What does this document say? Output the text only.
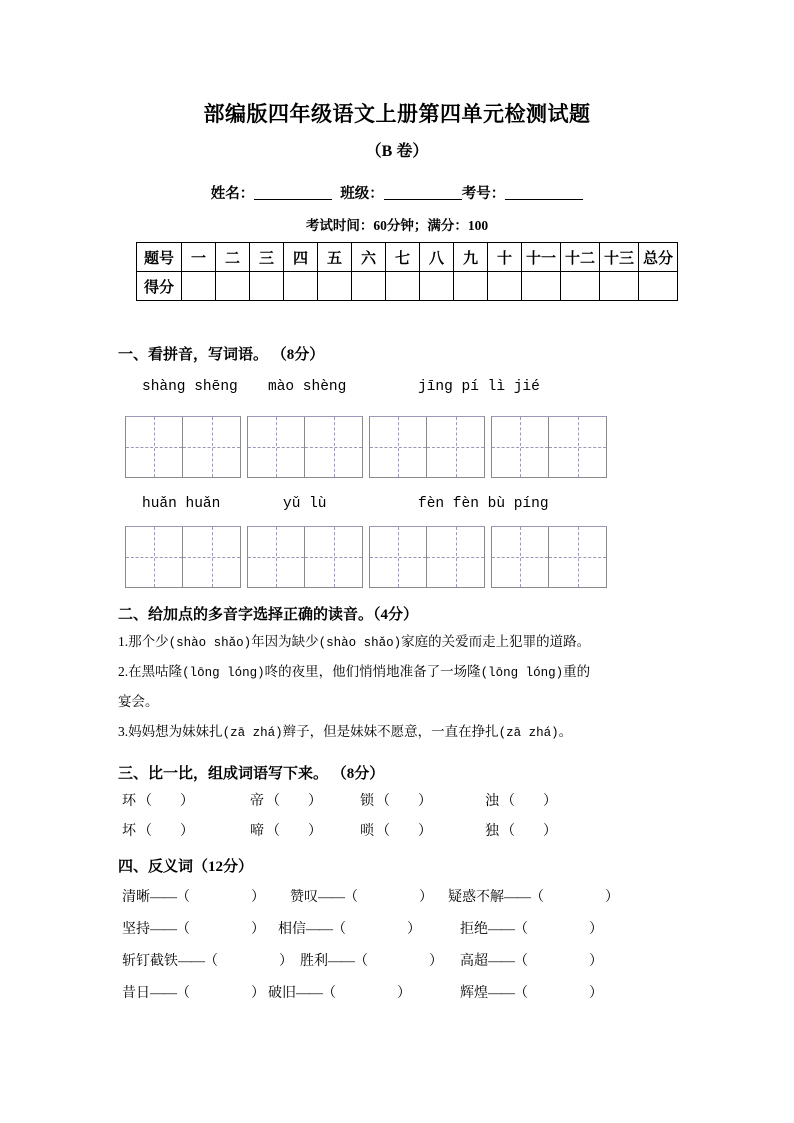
部编版四年级语文上册第四单元检测试题
（B 卷）
姓名：	班级：	考号：
考试时间：60分钟；满分：100
题号	一	二	三	四	五	六	七	八	九	十	十一	十二	十三	总分
得分														
一、看拼音，写词语。 （8分）
shàng shēng mào shèng	jīng pí lì jié
huǎn huǎn	yǔ lù	fèn fèn bù píng
二、给加点的多音字选择正确的读音。（4分）
1.那个少(shào shǎo)年因为缺少(shào shǎo)家庭的关爱而走上犯罪的道路。
2.在黑咕隆(lōng lóng)咚的夜里，他们悄悄地准备了一场隆(lōng lóng)重的
宴会。
3.妈妈想为妹妹扎(zā zhá)辫子，但是妹妹不愿意，一直在挣扎(zā zhá)。
三、比一比，组成词语写下来。 （8分）
环 （        ）	帝 （        ）	锁 （        ）	浊 （        ）
坏 （        ）	啼 （        ）	唢 （        ）	独 （        ）
四、反义词（12分）
清晰——（	） 赞叹——（	） 疑惑不解——（	）
坚持——（	） 相信——（	）	拒绝——（	）
斩钉截铁——（	） 胜利——（	） 高超——（	）
昔日——（	） 破旧——（	）	辉煌——（	）
